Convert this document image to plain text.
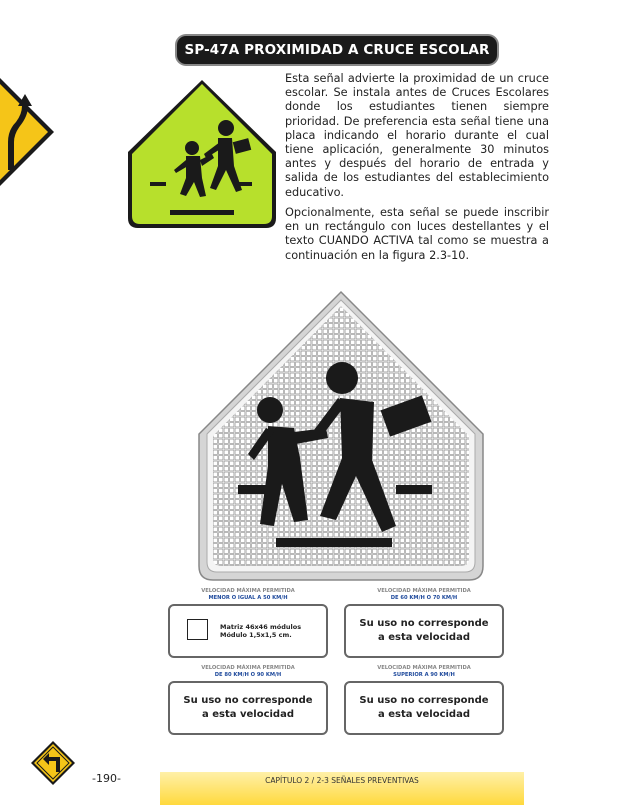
SP-47A PROXIMIDAD A CRUCE ESCOLAR

Esta señal advierte la proximidad de un cruce escolar. Se instala antes de Cruces Escolares donde los estudiantes tienen siempre prioridad. De preferencia esta señal tiene una placa indicando el horario durante el cual tiene aplicación, generalmente 30 minutos antes y después del horario de entrada y salida de los estudiantes del establecimiento educativo.

Opcionalmente, esta señal se puede inscribir en un rectángulo con luces destellantes y el texto CUANDO ACTIVA tal como se muestra a continuación en la figura 2.3-10.

VELOCIDAD MÁXIMA PERMITIDA
MENOR O IGUAL A 50 KM/H
Matriz 46x46 módulos
Módulo 1,5x1,5 cm.
VELOCIDAD MÁXIMA PERMITIDA
DE 60 KM/H O 70 KM/H
Su uso no corresponde
a esta velocidad
VELOCIDAD MÁXIMA PERMITIDA
DE 80 KM/H O 90 KM/H
Su uso no corresponde
a esta velocidad
VELOCIDAD MÁXIMA PERMITIDA
SUPERIOR A 90 KM/H
Su uso no corresponde
a esta velocidad
-190-	CAPÍTULO 2 / 2-3 SEÑALES PREVENTIVAS
